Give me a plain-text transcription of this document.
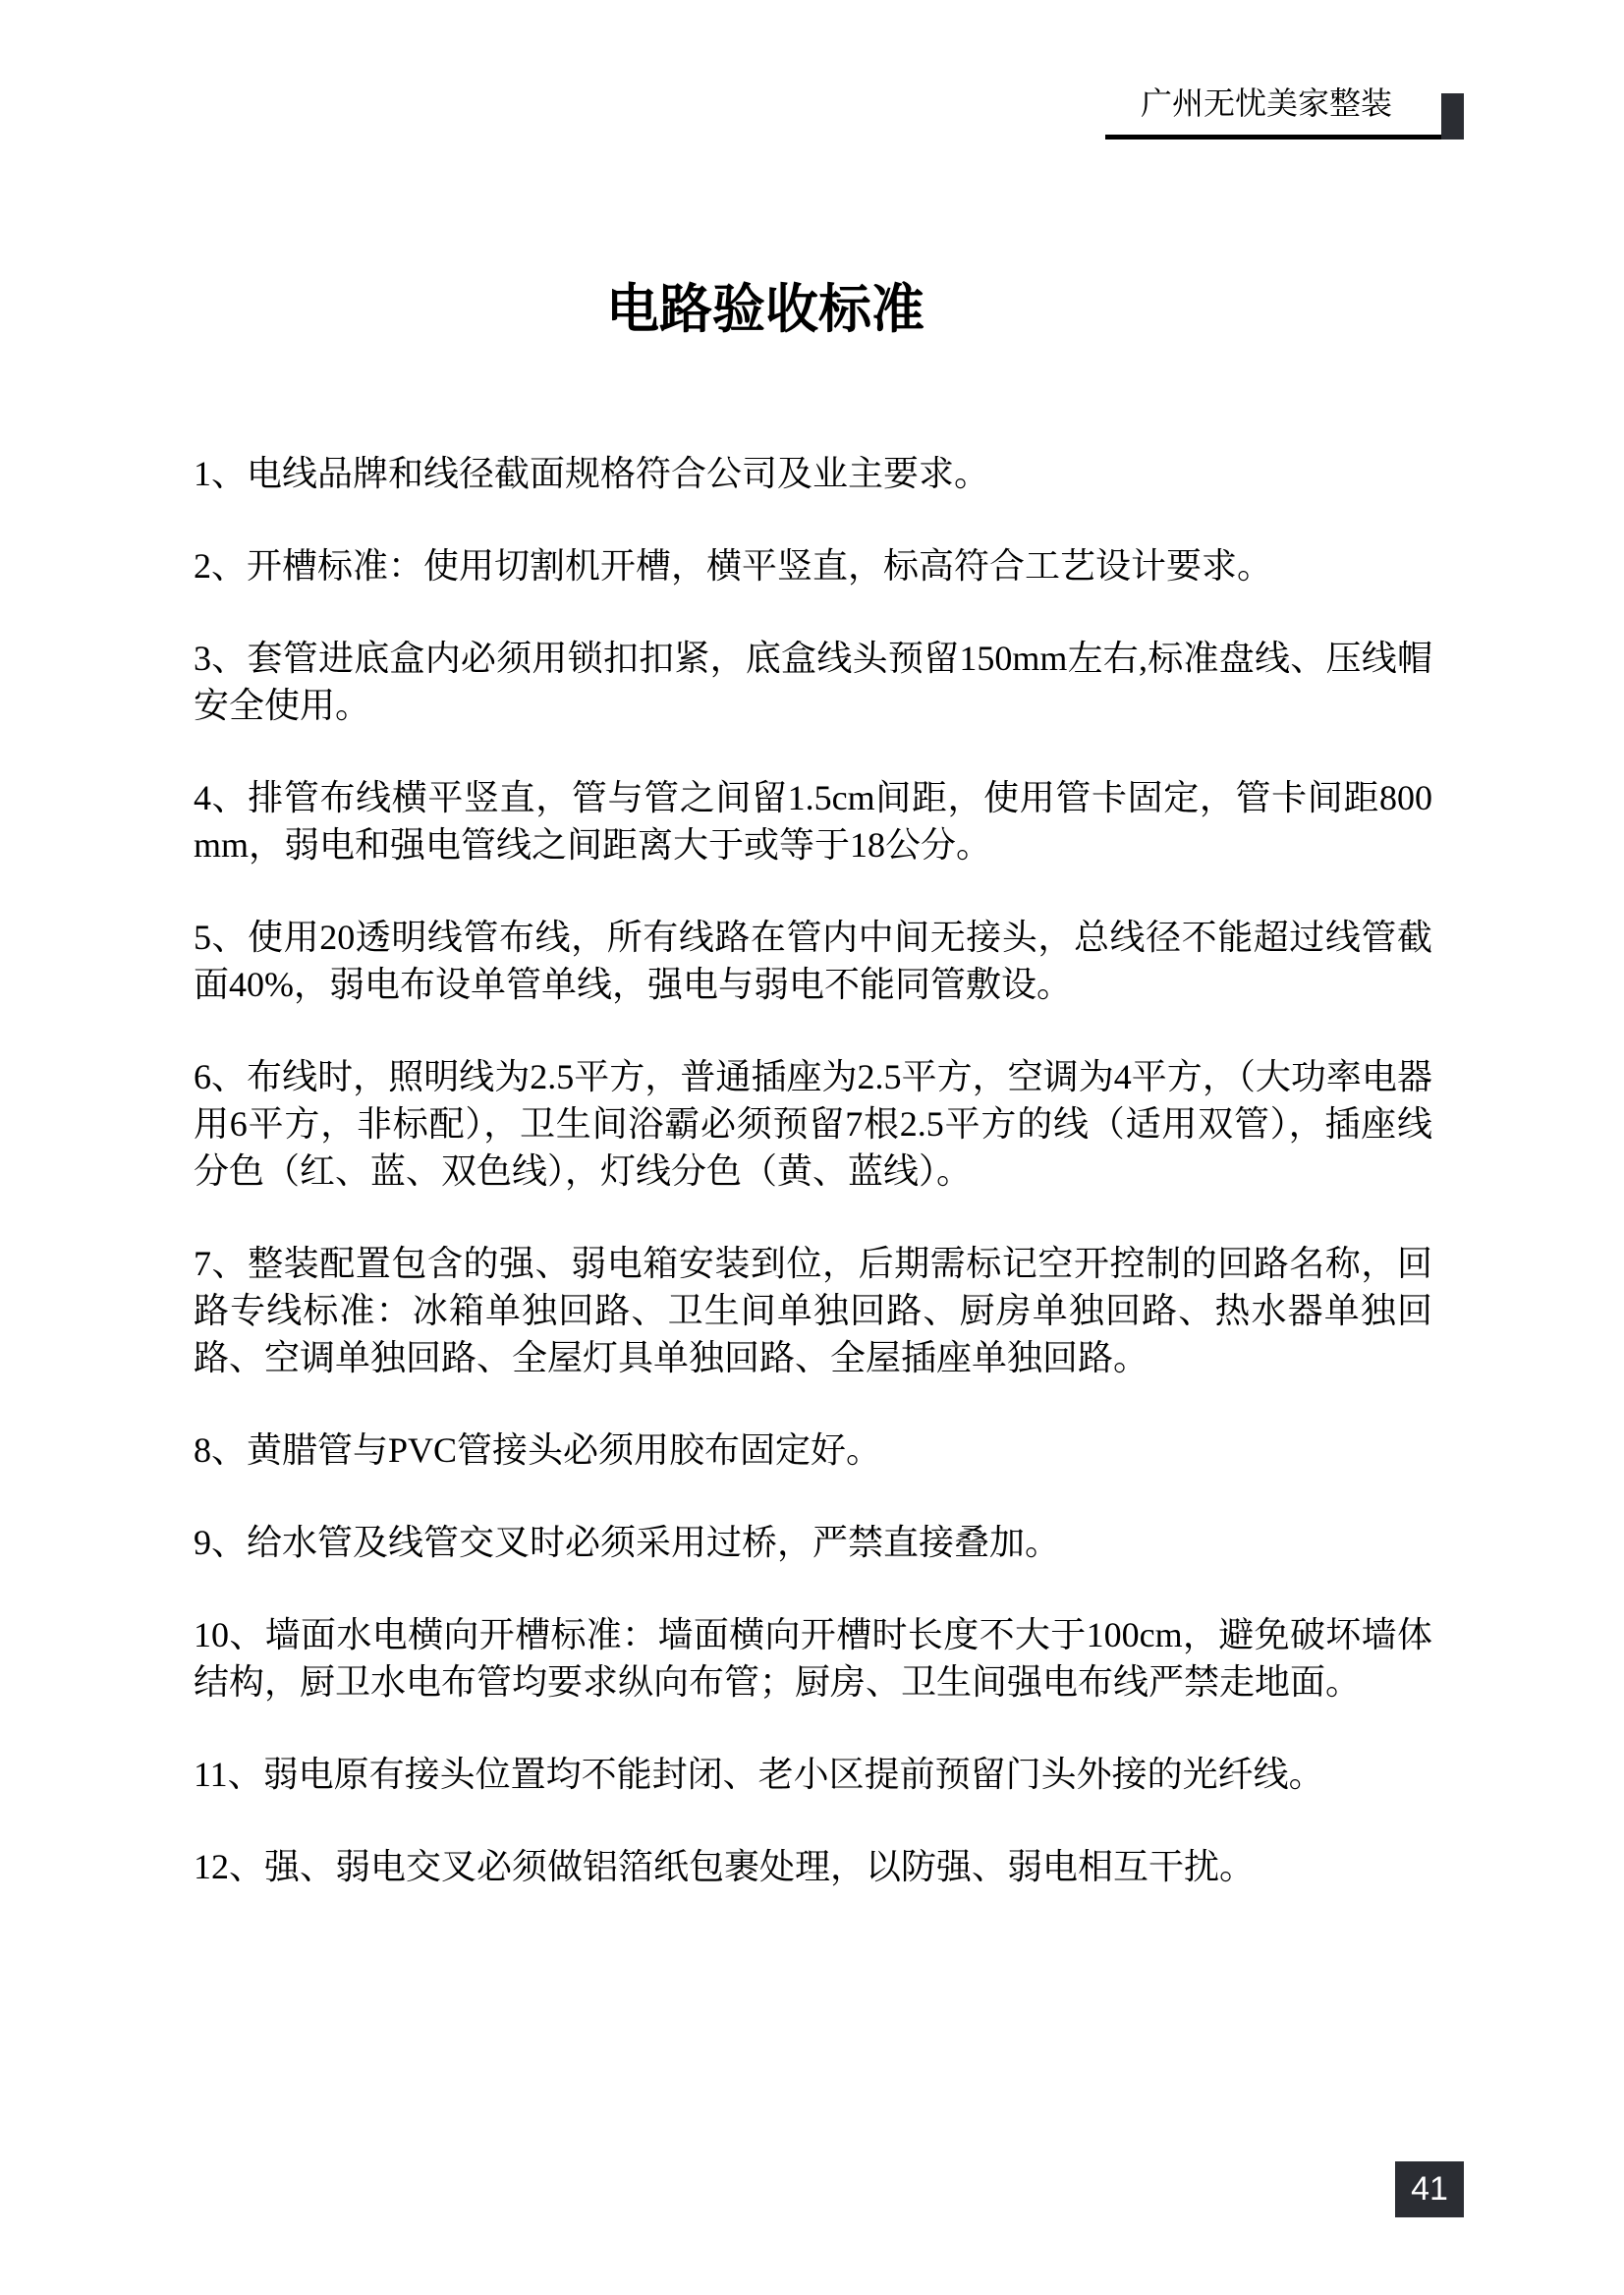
广州无忧美家整装
电路验收标准

1、电线品牌和线径截面规格符合公司及业主要求。

2、开槽标准：使用切割机开槽，横平竖直，标高符合工艺设计要求。

3、套管进底盒内必须用锁扣扣紧，底盒线头预留150mm左右,标准盘线、压线帽安全使用。

4、排管布线横平竖直，管与管之间留1.5cm间距，使用管卡固定，管卡间距800mm，弱电和强电管线之间距离大于或等于18公分。

5、使用20透明线管布线，所有线路在管内中间无接头，总线径不能超过线管截面40%，弱电布设单管单线，强电与弱电不能同管敷设。

6、布线时，照明线为2.5平方，普通插座为2.5平方，空调为4平方，（大功率电器用6平方，非标配），卫生间浴霸必须预留7根2.5平方的线（适用双管），插座线分色（红、蓝、双色线），灯线分色（黄、蓝线）。

7、整装配置包含的强、弱电箱安装到位，后期需标记空开控制的回路名称，回路专线标准：冰箱单独回路、卫生间单独回路、厨房单独回路、热水器单独回路、空调单独回路、全屋灯具单独回路、全屋插座单独回路。

8、黄腊管与PVC管接头必须用胶布固定好。

9、给水管及线管交叉时必须采用过桥，严禁直接叠加。

10、墙面水电横向开槽标准：墙面横向开槽时长度不大于100cm，避免破坏墙体结构，厨卫水电布管均要求纵向布管；厨房、卫生间强电布线严禁走地面。

11、弱电原有接头位置均不能封闭、老小区提前预留门头外接的光纤线。

12、强、弱电交叉必须做铝箔纸包裹处理，以防强、弱电相互干扰。

41
